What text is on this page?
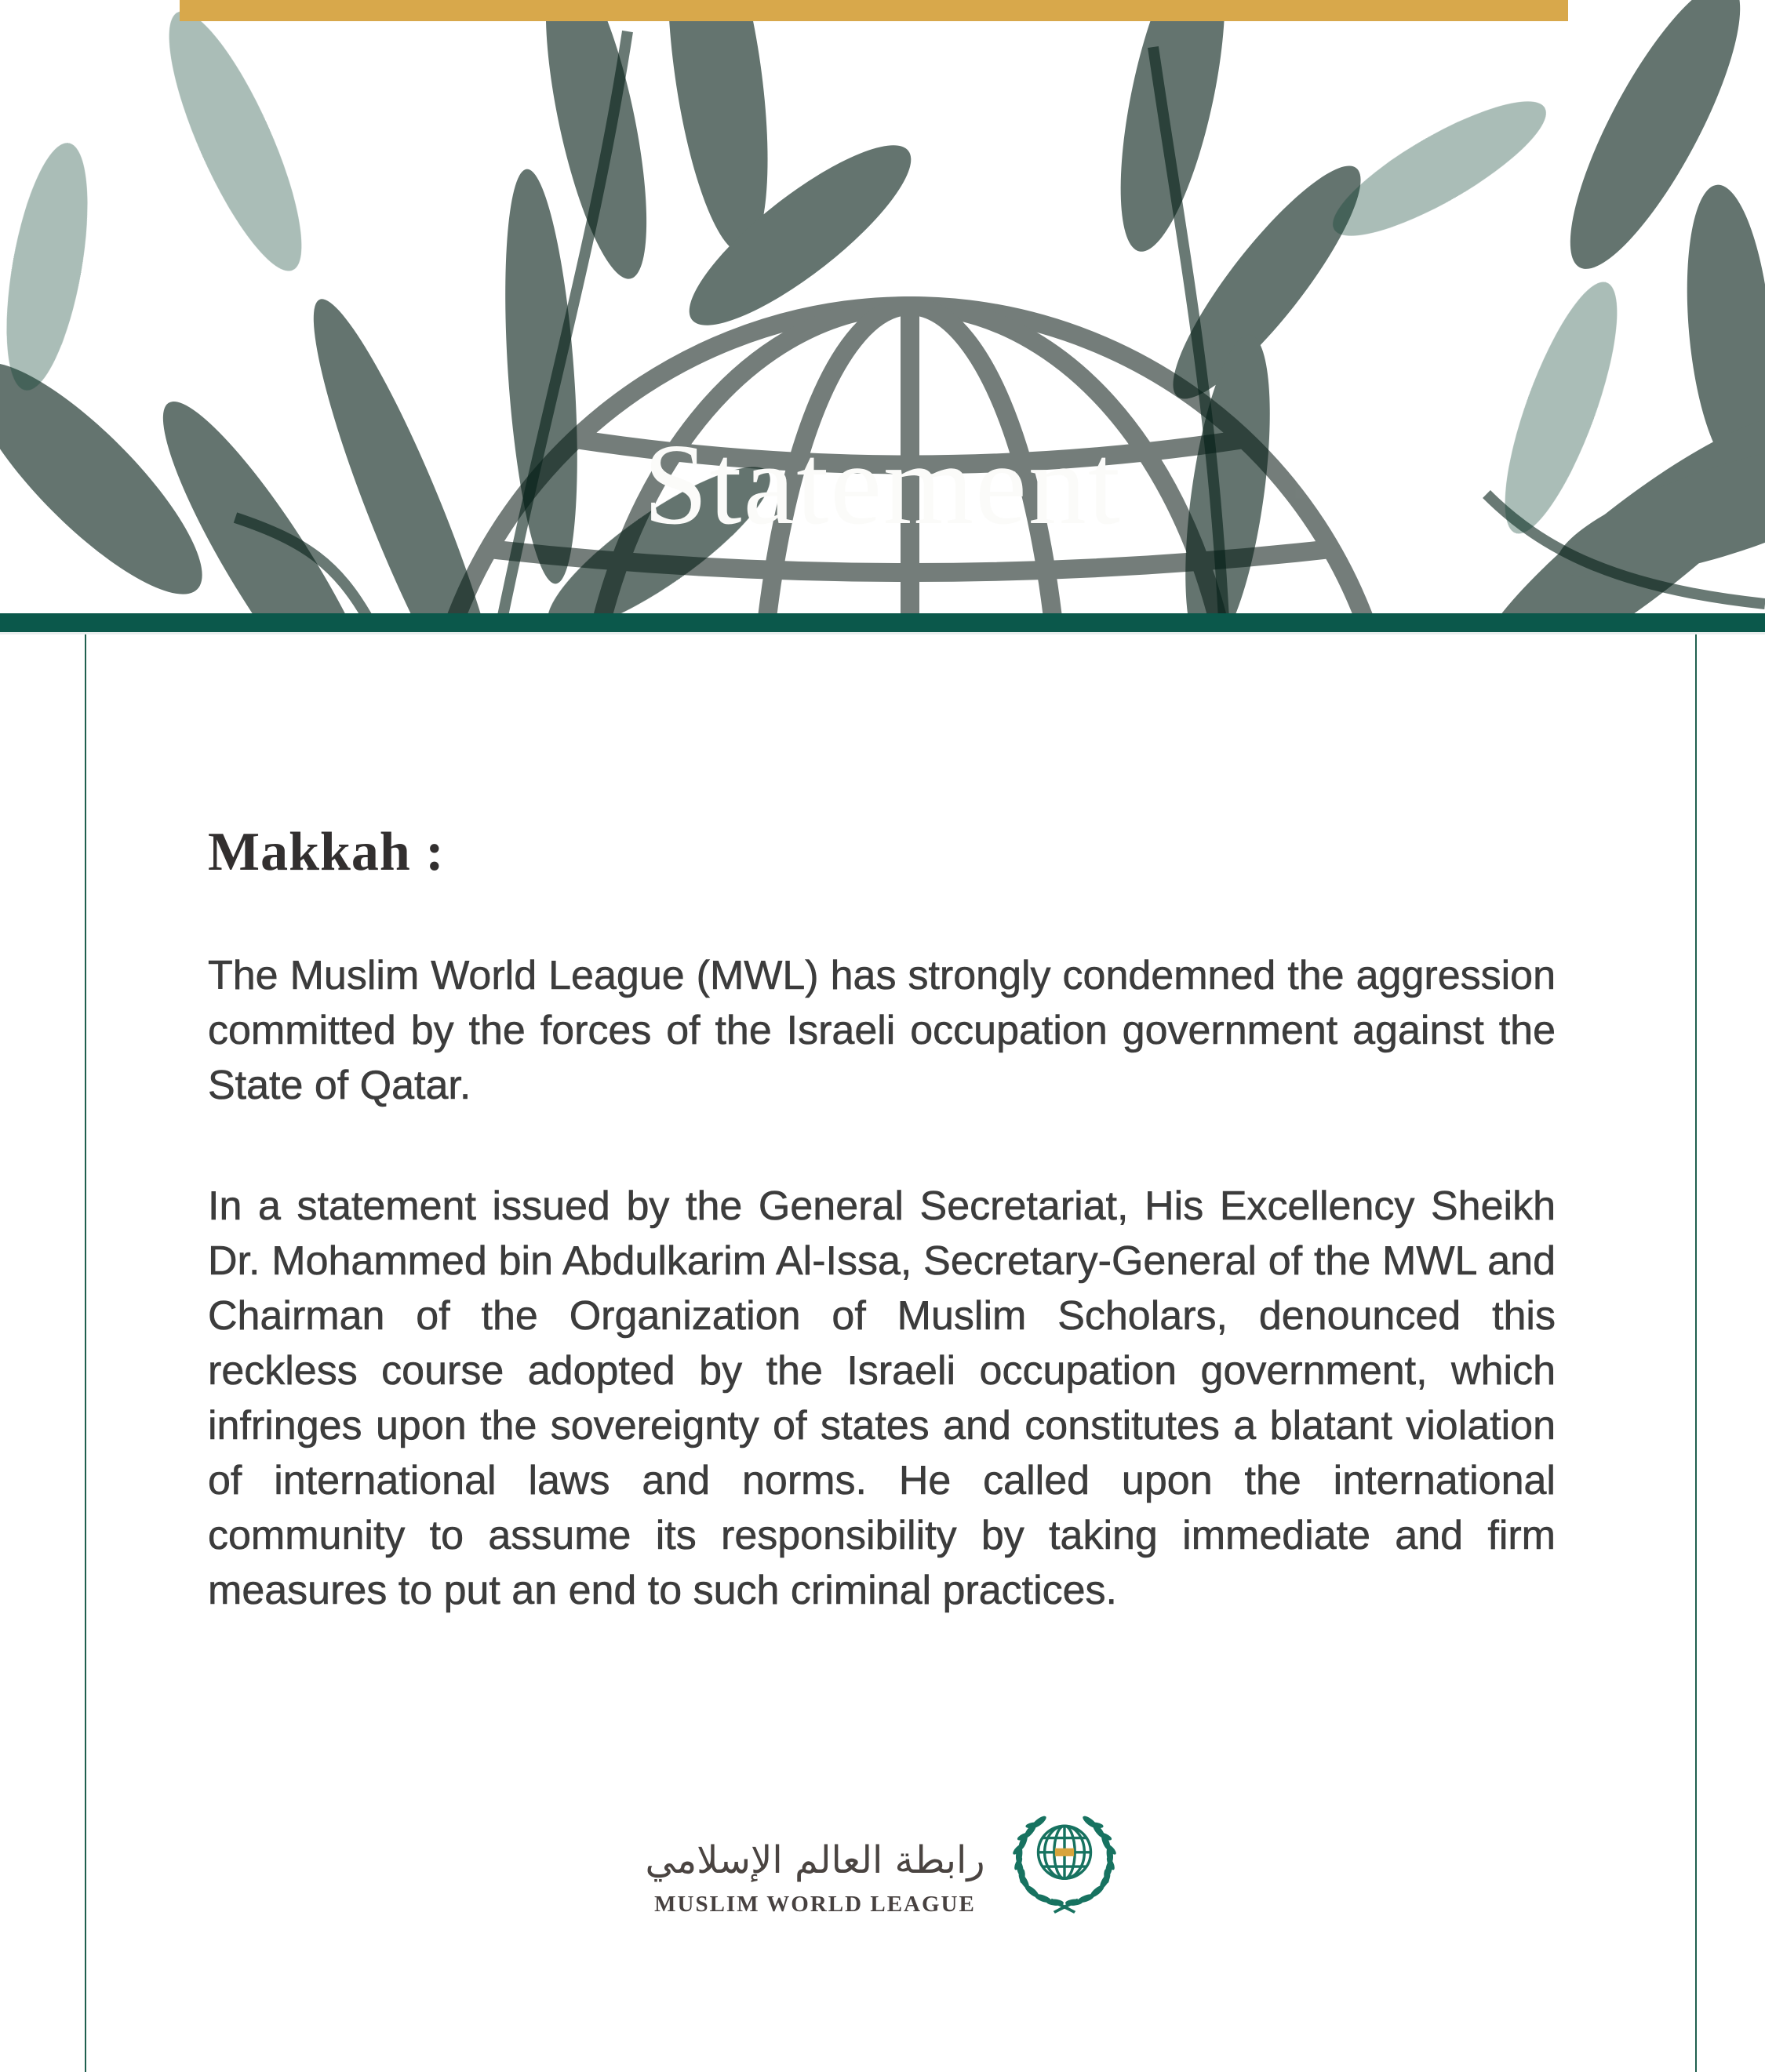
Statement
Makkah :

The Muslim World League (MWL) has strongly condemned the aggression committed by the forces of the Israeli occupation government against the State of Qatar.

In a statement issued by the General Secretariat, His Excellency Sheikh Dr. Mohammed bin Abdulkarim Al-Issa, Secretary-General of the MWL and Chairman of the Organization of Muslim Scholars, denounced this reckless course adopted by the Israeli occupation government, which infringes upon the sovereignty of states and constitutes a blatant violation of international laws and norms. He called upon the international community to assume its responsibility by taking immediate and firm measures to put an end to such criminal practices.

رابطة العالم الإسلامي
MUSLIM WORLD LEAGUE
